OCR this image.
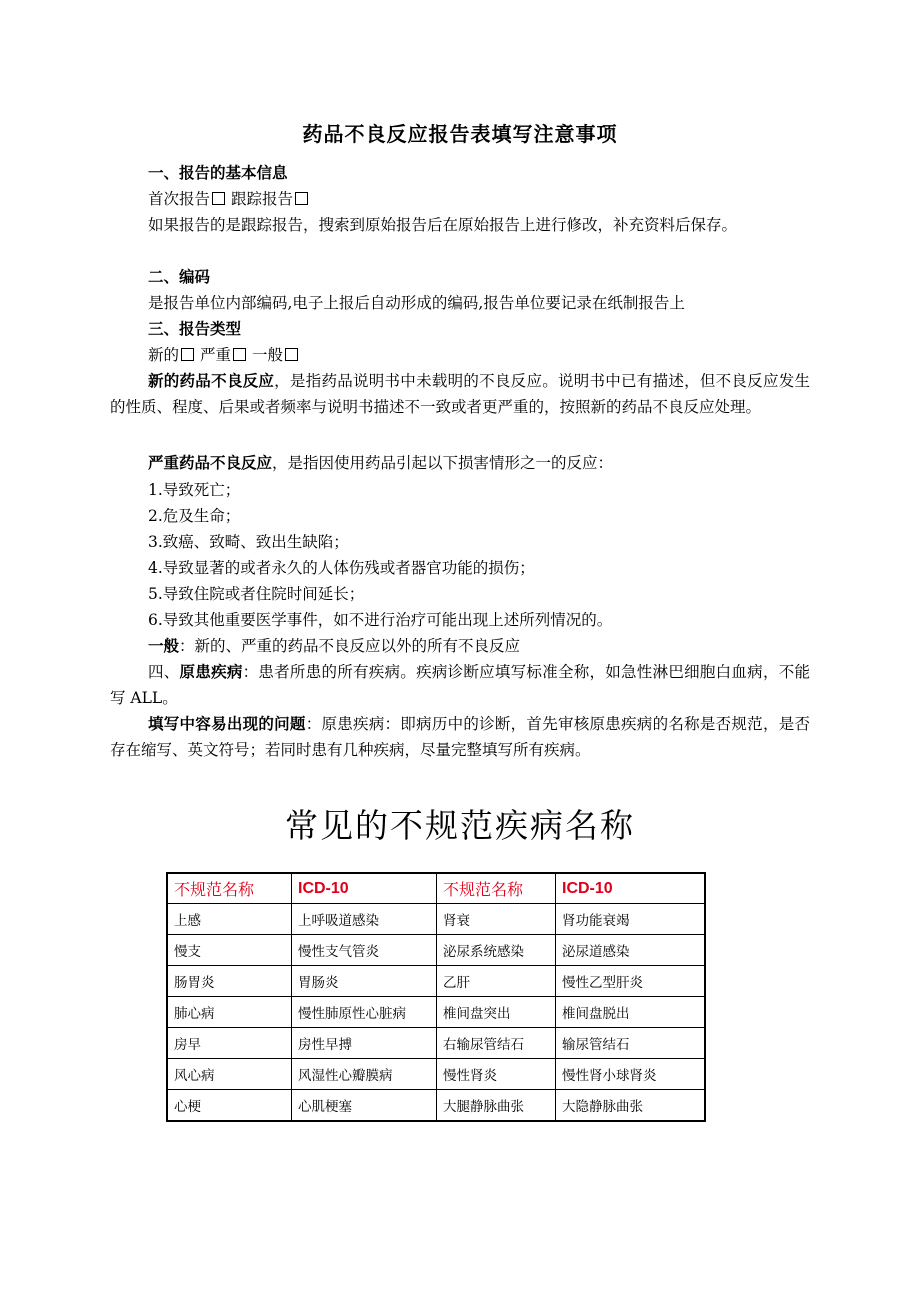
药品不良反应报告表填写注意事项
一、报告的基本信息
首次报告 跟踪报告
如果报告的是跟踪报告，搜索到原始报告后在原始报告上进行修改，补充资料后保存。
二、编码
是报告单位内部编码,电子上报后自动形成的编码,报告单位要记录在纸制报告上
三、报告类型
新的 严重 一般
新的药品不良反应，是指药品说明书中未载明的不良反应。说明书中已有描述，但不良反应发生的性质、程度、后果或者频率与说明书描述不一致或者更严重的，按照新的药品不良反应处理。
严重药品不良反应，是指因使用药品引起以下损害情形之一的反应：
1.导致死亡；
2.危及生命；
3.致癌、致畸、致出生缺陷；
4.导致显著的或者永久的人体伤残或者器官功能的损伤；
5.导致住院或者住院时间延长；
6.导致其他重要医学事件，如不进行治疗可能出现上述所列情况的。
一般：新的、严重的药品不良反应以外的所有不良反应
四、原患疾病：患者所患的所有疾病。疾病诊断应填写标准全称，如急性淋巴细胞白血病，不能写 ALL。
填写中容易出现的问题：原患疾病：即病历中的诊断，首先审核原患疾病的名称是否规范，是否存在缩写、英文符号；若同时患有几种疾病，尽量完整填写所有疾病。
常见的不规范疾病名称
不规范名称	ICD-10	不规范名称	ICD-10
上感	上呼吸道感染	肾衰	肾功能衰竭
慢支	慢性支气管炎	泌尿系统感染	泌尿道感染
肠胃炎	胃肠炎	乙肝	慢性乙型肝炎
肺心病	慢性肺原性心脏病	椎间盘突出	椎间盘脱出
房早	房性早搏	右输尿管结石	输尿管结石
风心病	风湿性心瓣膜病	慢性肾炎	慢性肾小球肾炎
心梗	心肌梗塞	大腿静脉曲张	大隐静脉曲张
